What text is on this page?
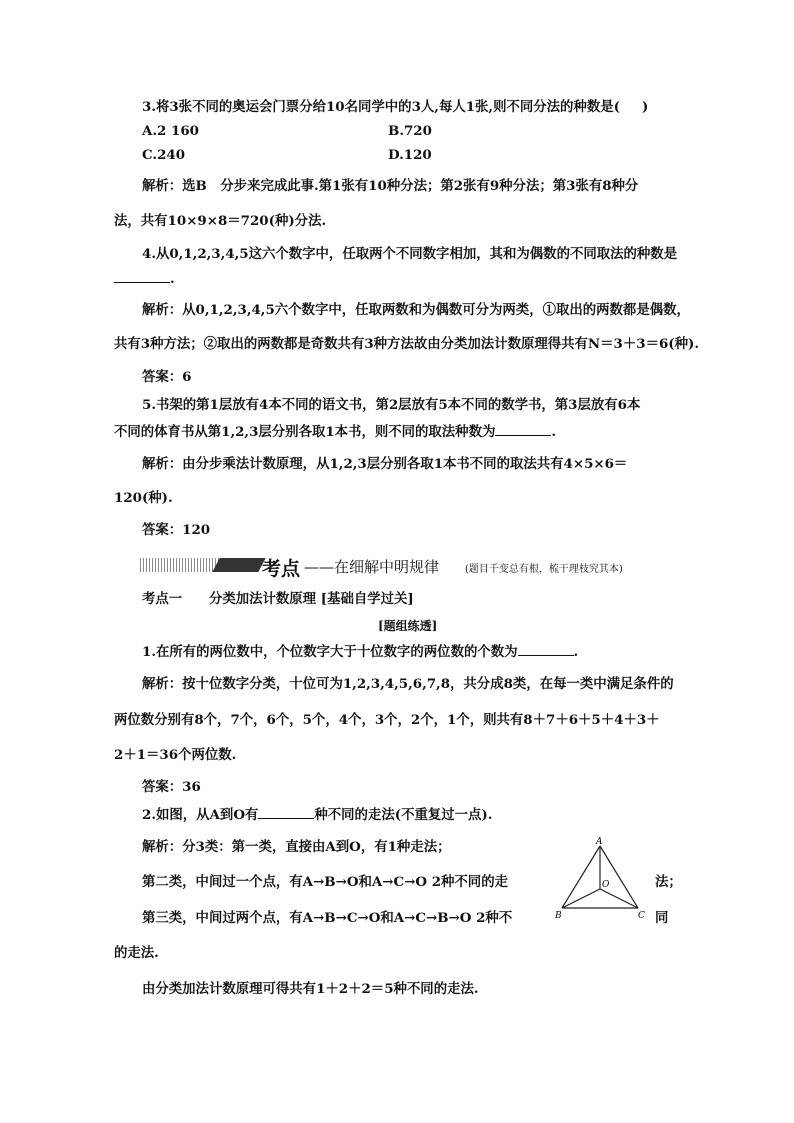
3.将3张不同的奥运会门票分给10名同学中的3人,每人1张,则不同分法的种数是( )
A.2 160	B.720
C.240	D.120
解析：选B　分步来完成此事.第1张有10种分法；第2张有9种分法；第3张有8种分
法，共有10×9×8＝720(种)分法.
4.从0,1,2,3,4,5这六个数字中，任取两个不同数字相加，其和为偶数的不同取法的种数是
.
解析：从0,1,2,3,4,5六个数字中，任取两数和为偶数可分为两类，①取出的两数都是偶数，
共有3种方法；②取出的两数都是奇数共有3种方法故由分类加法计数原理得共有N＝3＋3＝6(种).
答案：6
5.书架的第1层放有4本不同的语文书，第2层放有5本不同的数学书，第3层放有6本
不同的体育书从第1,2,3层分别各取1本书，则不同的取法种数为	.
解析：由分步乘法计数原理，从1,2,3层分别各取1本书不同的取法共有4×5×6＝
120(种).
答案：120
考点 ——在细解中明规律	(题目千变总有根，梳干理枝究其本)
考点一　　分类加法计数原理 [基础自学过关]
[题组练透]
1.在所有的两位数中，个位数字大于十位数字的两位数的个数为	.
解析：按十位数字分类，十位可为1,2,3,4,5,6,7,8，共分成8类，在每一类中满足条件的
两位数分别有8个，7个，6个，5个，4个，3个，2个，1个，则共有8＋7＋6＋5＋4＋3＋
2＋1＝36个两位数.
答案：36
2.如图，从A到O有	种不同的走法(不重复过一点).
解析：分3类：第一类，直接由A到O，有1种走法；
第二类，中间过一个点，有A→B→O和A→C→O 2种不同的走	法；
第三类，中间过两个点，有A→B→C→O和A→C→B→O 2种不	同
的走法.
由分类加法计数原理可得共有1＋2＋2＝5种不同的走法.
A
B	C
O
